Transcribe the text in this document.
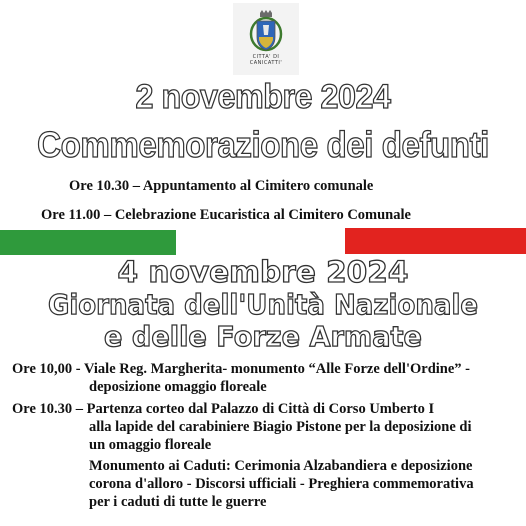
CITTA' DI
CANICATTI'
2 novembre 2024
Commemorazione dei defunti
Ore 10.30 – Appuntamento al Cimitero comunale
Ore 11.00 – Celebrazione Eucaristica al Cimitero Comunale
4 novembre 2024
Giornata dell'Unità Nazionale
e delle Forze Armate
Ore 10,00 - Viale Reg. Margherita- monumento “Alle Forze dell'Ordine” -
deposizione omaggio floreale
Ore 10.30 – Partenza corteo dal Palazzo di Città di Corso Umberto I
alla lapide del carabiniere Biagio Pistone per la deposizione di
un omaggio floreale
Monumento ai Caduti: Cerimonia Alzabandiera e deposizione
corona d'alloro - Discorsi ufficiali - Preghiera commemorativa
per i caduti di tutte le guerre
